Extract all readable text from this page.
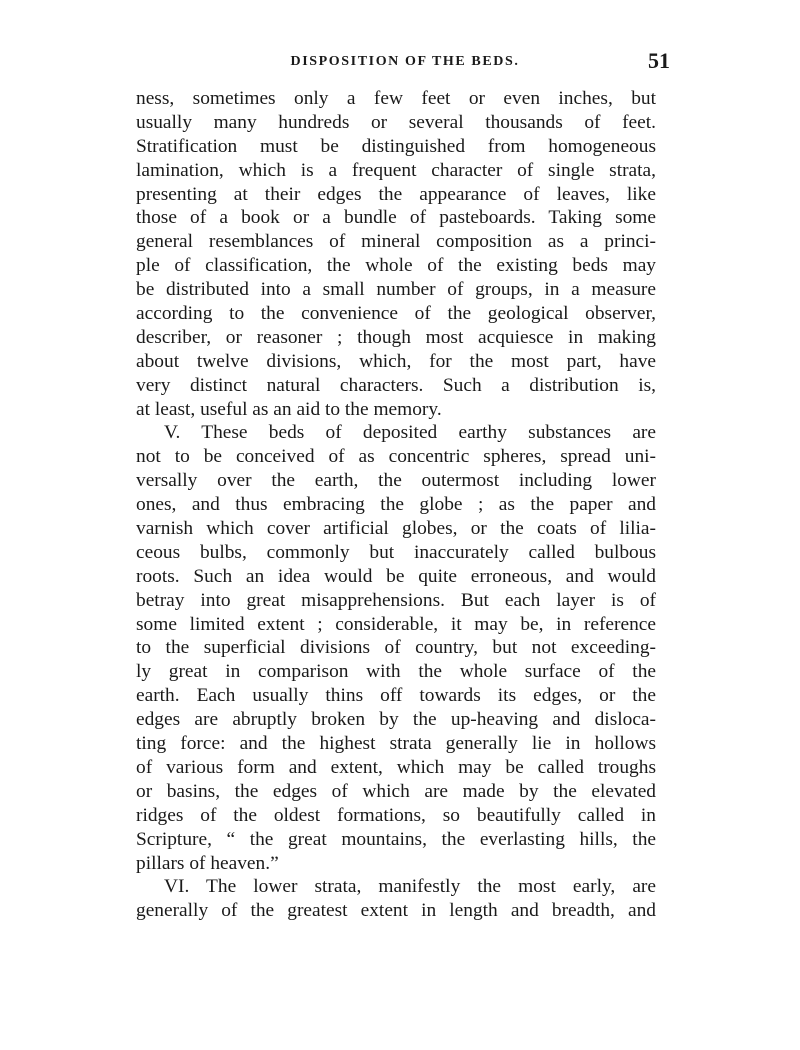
DISPOSITION OF THE BEDS.	51
ness, sometimes only a few feet or even inches, but
usually many hundreds or several thousands of feet.
Stratification must be distinguished from homogeneous
lamination, which is a frequent character of single strata,
presenting at their edges the appearance of leaves, like
those of a book or a bundle of pasteboards. Taking some
general resemblances of mineral composition as a princi-
ple of classification, the whole of the existing beds may
be distributed into a small number of groups, in a measure
according to the convenience of the geological observer,
describer, or reasoner ; though most acquiesce in making
about twelve divisions, which, for the most part, have
very distinct natural characters. Such a distribution is,
at least, useful as an aid to the memory.
V. These beds of deposited earthy substances are
not to be conceived of as concentric spheres, spread uni-
versally over the earth, the outermost including lower
ones, and thus embracing the globe ; as the paper and
varnish which cover artificial globes, or the coats of lilia-
ceous bulbs, commonly but inaccurately called bulbous
roots. Such an idea would be quite erroneous, and would
betray into great misapprehensions. But each layer is of
some limited extent ; considerable, it may be, in reference
to the superficial divisions of country, but not exceeding-
ly great in comparison with the whole surface of the
earth. Each usually thins off towards its edges, or the
edges are abruptly broken by the up-heaving and disloca-
ting force: and the highest strata generally lie in hollows
of various form and extent, which may be called troughs
or basins, the edges of which are made by the elevated
ridges of the oldest formations, so beautifully called in
Scripture, “ the great mountains, the everlasting hills, the
pillars of heaven.”
VI. The lower strata, manifestly the most early, are
generally of the greatest extent in length and breadth, and
